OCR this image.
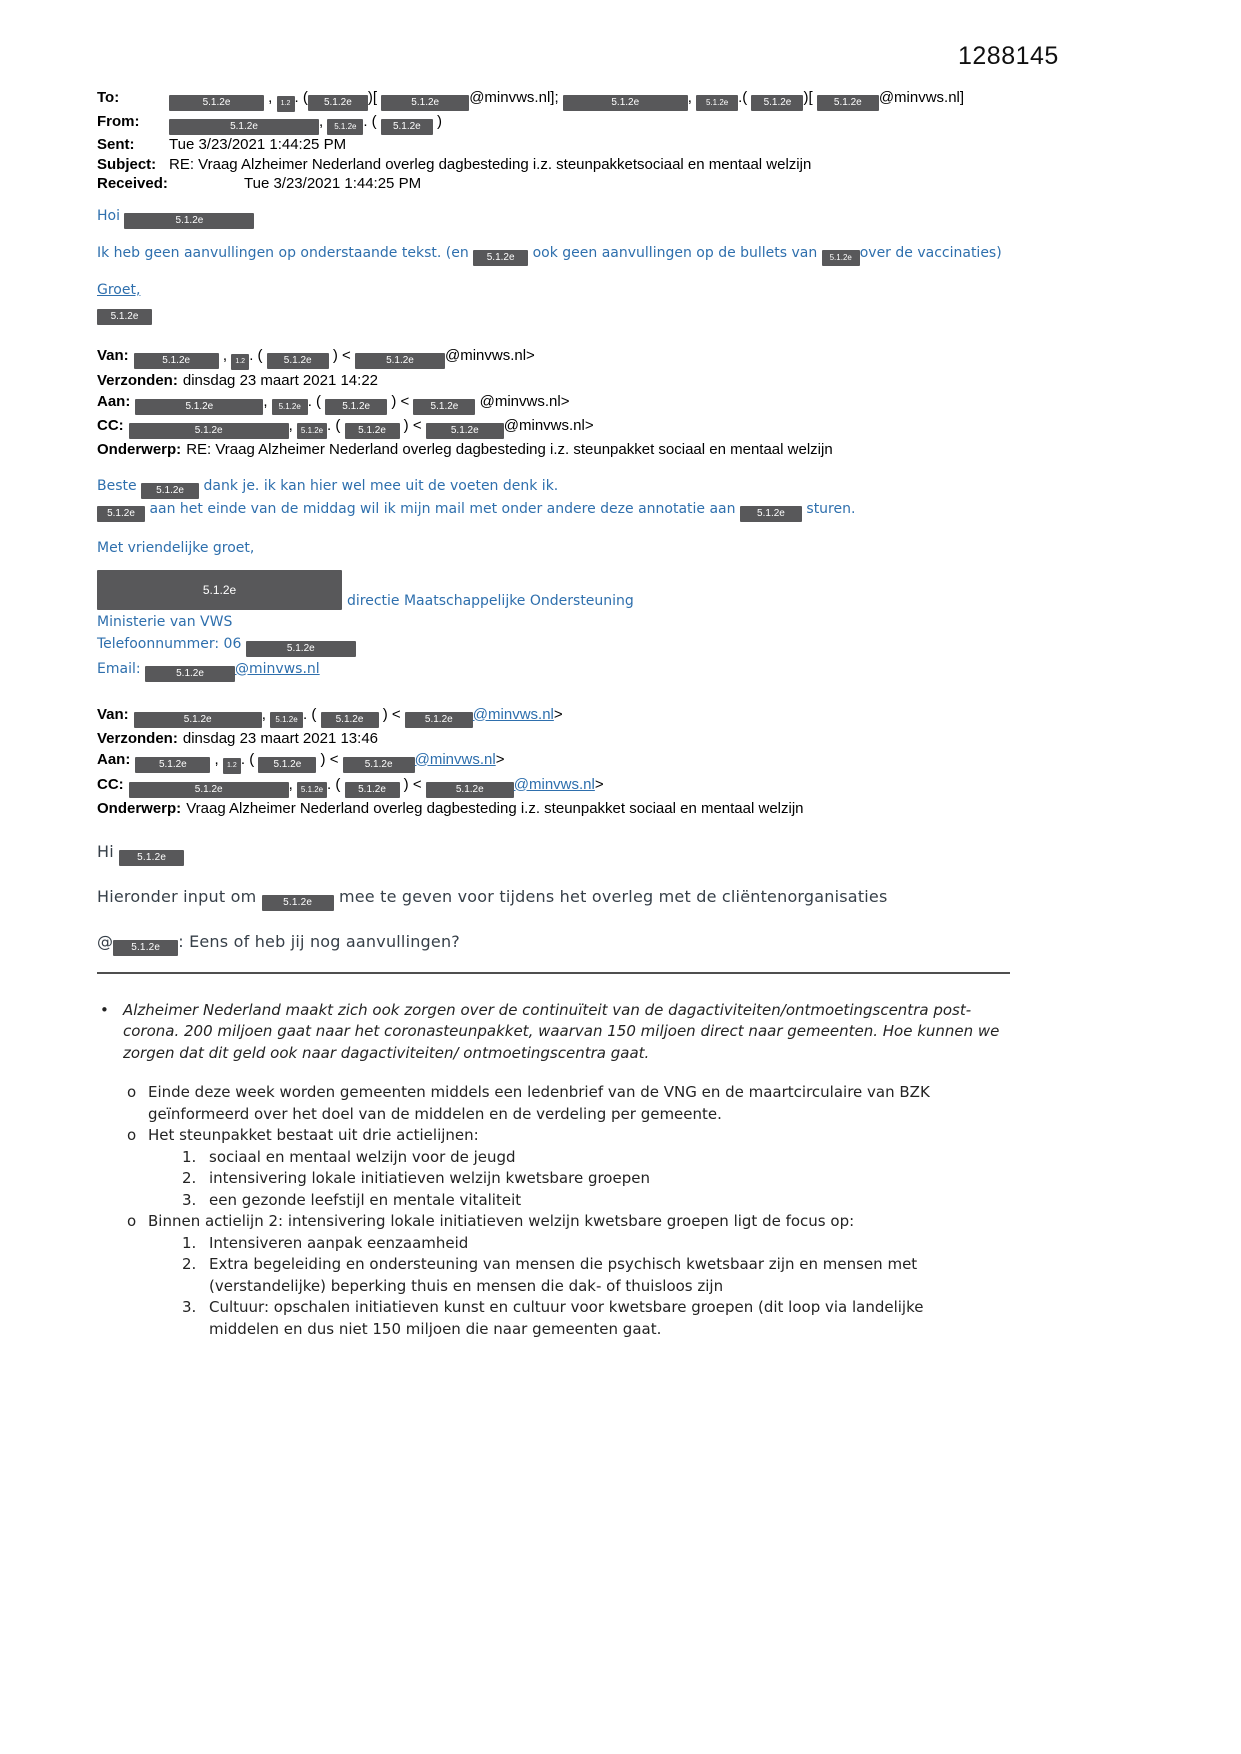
1288145
To:	5.1.2e , 1.2 . ( 5.1.2e )[	5.1.2e @minvws.nl];	5.1.2e	, 5.1.2e .( 5.1.2e )[ 5.1.2e @minvws.nl]
From:	5.1.2e	, 5.1.2e . ( 5.1.2e )
Sent:	Tue 3/23/2021 1:44:25 PM
Subject: RE: Vraag Alzheimer Nederland overleg dagbesteding i.z. steunpakketsociaal en mentaal welzijn
Received:	Tue 3/23/2021 1:44:25 PM
Hoi	5.1.2e
Ik heb geen aanvullingen op onderstaande tekst. (en 5.1.2e ook geen aanvullingen op de bullets van 5.1.2e over de vaccinaties)
Groet,
5.1.2e
Van:	5.1.2e , 1.2 . ( 5.1.2e ) <	5.1.2e @minvws.nl>
Verzonden: dinsdag 23 maart 2021 14:22
Aan:	5.1.2e	, 5.1.2e . ( 5.1.2e ) < 5.1.2e @minvws.nl>
CC:	5.1.2e	, 5.1.2e . ( 5.1.2e ) <	5.1.2e @minvws.nl>
Onderwerp: RE: Vraag Alzheimer Nederland overleg dagbesteding i.z. steunpakket sociaal en mentaal welzijn
Beste 5.1.2e dank je. ik kan hier wel mee uit de voeten denk ik.
5.1.2e aan het einde van de middag wil ik mijn mail met onder andere deze annotatie aan 5.1.2e sturen.
Met vriendelijke groet,
5.1.2e
directie Maatschappelijke Ondersteuning
Ministerie van VWS
Telefoonnummer: 06	5.1.2e
Email:	5.1.2e @minvws.nl
Van:	5.1.2e	, 5.1.2e . ( 5.1.2e ) < 5.1.2e @minvws.nl>
Verzonden: dinsdag 23 maart 2021 13:46
Aan:	5.1.2e , 1.2 . ( 5.1.2e ) < 5.1.2e @minvws.nl>
CC:	5.1.2e	, 5.1.2e . ( 5.1.2e ) <	5.1.2e @minvws.nl>
Onderwerp: Vraag Alzheimer Nederland overleg dagbesteding i.z. steunpakket sociaal en mentaal welzijn
Hi 5.1.2e
Hieronder input om 5.1.2e mee te geven voor tijdens het overleg met de cliëntenorganisaties
@ 5.1.2e : Eens of heb jij nog aanvullingen?
• Alzheimer Nederland maakt zich ook zorgen over de continuïteit van de dagactiviteiten/ontmoetingscentra post-corona. 200 miljoen gaat naar het coronasteunpakket, waarvan 150 miljoen direct naar gemeenten. Hoe kunnen we zorgen dat dit geld ook naar dagactiviteiten/ ontmoetingscentra gaat.
o Einde deze week worden gemeenten middels een ledenbrief van de VNG en de maartcirculaire van BZK geïnformeerd over het doel van de middelen en de verdeling per gemeente.
o Het steunpakket bestaat uit drie actielijnen:
1. sociaal en mentaal welzijn voor de jeugd
2. intensivering lokale initiatieven welzijn kwetsbare groepen
3. een gezonde leefstijl en mentale vitaliteit
o Binnen actielijn 2: intensivering lokale initiatieven welzijn kwetsbare groepen ligt de focus op:
1. Intensiveren aanpak eenzaamheid
2. Extra begeleiding en ondersteuning van mensen die psychisch kwetsbaar zijn en mensen met (verstandelijke) beperking thuis en mensen die dak- of thuisloos zijn
3. Cultuur: opschalen initiatieven kunst en cultuur voor kwetsbare groepen (dit loop via landelijke middelen en dus niet 150 miljoen die naar gemeenten gaat.
